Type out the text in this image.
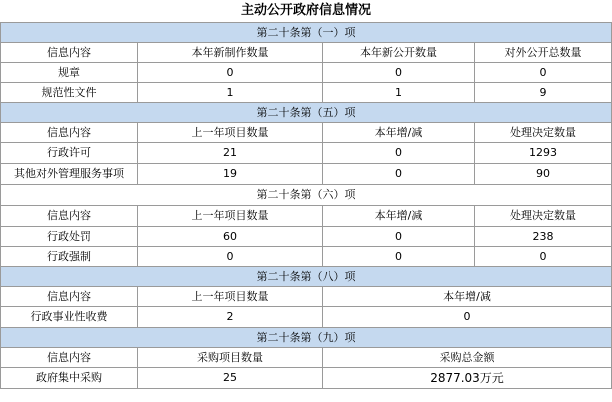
主动公开政府信息情况
第二十条第（一）项			
信息内容	本年新制作数量	本年新公开数量	对外公开总数量
规章	0	0	0
规范性文件	1	1	9
第二十条第（五）项			
信息内容	上一年项目数量	本年增/减	处理决定数量
行政许可	21	0	1293
其他对外管理服务事项	19	0	90
第二十条第（六）项			
信息内容	上一年项目数量	本年增/减	处理决定数量
行政处罚	60	0	238
行政强制	0	0	0
第二十条第（八）项			
信息内容	上一年项目数量	本年增/减	
行政事业性收费	2	0	
第二十条第（九）项			
信息内容	采购项目数量	采购总金额	
政府集中采购	25	2877.03万元	
